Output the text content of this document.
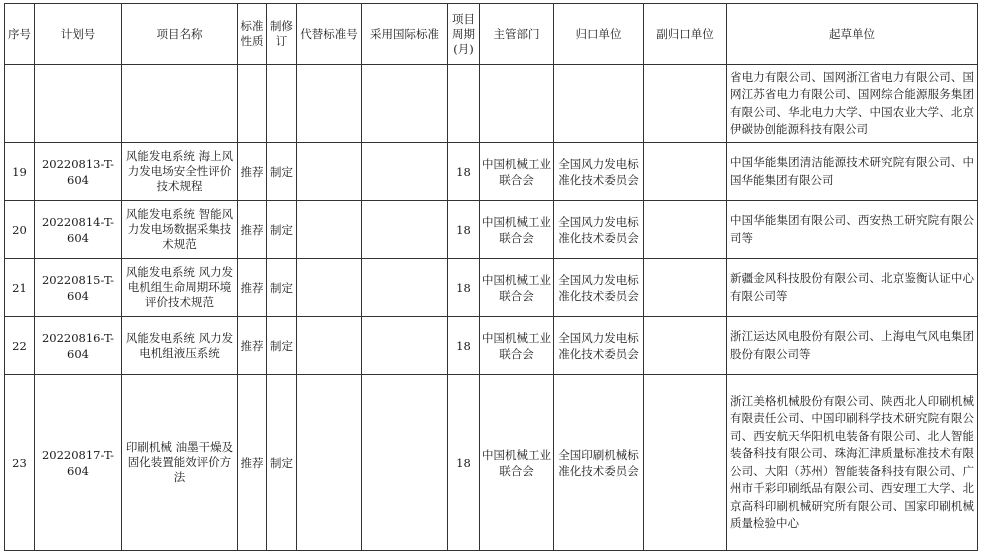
序号	计划号	项目名称	标准性质	制修订	代替标准号	采用国际标准	项目周期(月)	主管部门	归口单位	副归口单位	起草单位
											省电力有限公司、国网浙江省电力有限公司、国网江苏省电力有限公司、国网综合能源服务集团有限公司、华北电力大学、中国农业大学、北京伊碳协创能源科技有限公司
19	20220813-T-604	风能发电系统 海上风力发电场安全性评价技术规程	推荐	制定			18	中国机械工业联合会	全国风力发电标准化技术委员会		中国华能集团清洁能源技术研究院有限公司、中国华能集团有限公司
20	20220814-T-604	风能发电系统 智能风力发电场数据采集技术规范	推荐	制定			18	中国机械工业联合会	全国风力发电标准化技术委员会		中国华能集团有限公司、西安热工研究院有限公司等
21	20220815-T-604	风能发电系统 风力发电机组生命周期环境评价技术规范	推荐	制定			18	中国机械工业联合会	全国风力发电标准化技术委员会		新疆金风科技股份有限公司、北京鉴衡认证中心有限公司等
22	20220816-T-604	风能发电系统 风力发电机组液压系统	推荐	制定			18	中国机械工业联合会	全国风力发电标准化技术委员会		浙江运达风电股份有限公司、上海电气风电集团股份有限公司等
23	20220817-T-604	印刷机械 油墨干燥及固化装置能效评价方法	推荐	制定			18	中国机械工业联合会	全国印刷机械标准化技术委员会		浙江美格机械股份有限公司、陕西北人印刷机械有限责任公司、中国印刷科学技术研究院有限公司、西安航天华阳机电装备有限公司、北人智能装备科技有限公司、珠海汇津质量标准技术有限公司、大阳（苏州）智能装备科技有限公司、广州市千彩印刷纸品有限公司、西安理工大学、北京高科印刷机械研究所有限公司、国家印刷机械质量检验中心
